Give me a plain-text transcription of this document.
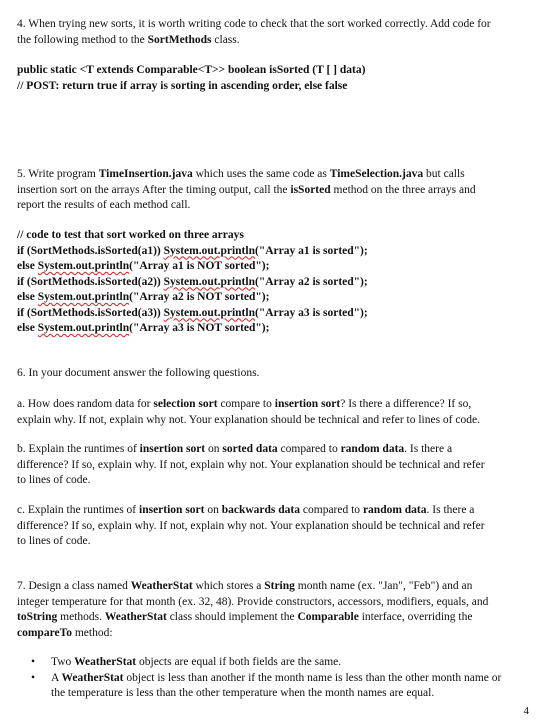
4. When trying new sorts, it is worth writing code to check that the sort worked correctly. Add code for
the following method to the SortMethods class.
public static <T extends Comparable<T>> boolean isSorted (T [ ] data)
// POST: return true if array is sorting in ascending order, else false
5. Write program TimeInsertion.java which uses the same code as TimeSelection.java but calls
insertion sort on the arrays After the timing output, call the isSorted method on the three arrays and
report the results of each method call.
// code to test that sort worked on three arrays
if (SortMethods.isSorted(a1)) System.out.println("Array a1 is sorted");
else System.out.println("Array a1 is NOT sorted");
if (SortMethods.isSorted(a2)) System.out.println("Array a2 is sorted");
else System.out.println("Array a2 is NOT sorted");
if (SortMethods.isSorted(a3)) System.out.println("Array a3 is sorted");
else System.out.println("Array a3 is NOT sorted");
6. In your document answer the following questions.
a. How does random data for selection sort compare to insertion sort? Is there a difference? If so,
explain why. If not, explain why not. Your explanation should be technical and refer to lines of code.
b. Explain the runtimes of insertion sort on sorted data compared to random data. Is there a
difference? If so, explain why. If not, explain why not. Your explanation should be technical and refer
to lines of code.
c. Explain the runtimes of insertion sort on backwards data compared to random data. Is there a
difference? If so, explain why. If not, explain why not. Your explanation should be technical and refer
to lines of code.
7. Design a class named WeatherStat which stores a String month name (ex. "Jan", "Feb") and an
integer temperature for that month (ex. 32, 48). Provide constructors, accessors, modifiers, equals, and
toString methods. WeatherStat class should implement the Comparable interface, overriding the
compareTo method:
• Two WeatherStat objects are equal if both fields are the same.
• A WeatherStat object is less than another if the month name is less than the other month name or
the temperature is less than the other temperature when the month names are equal.
4
